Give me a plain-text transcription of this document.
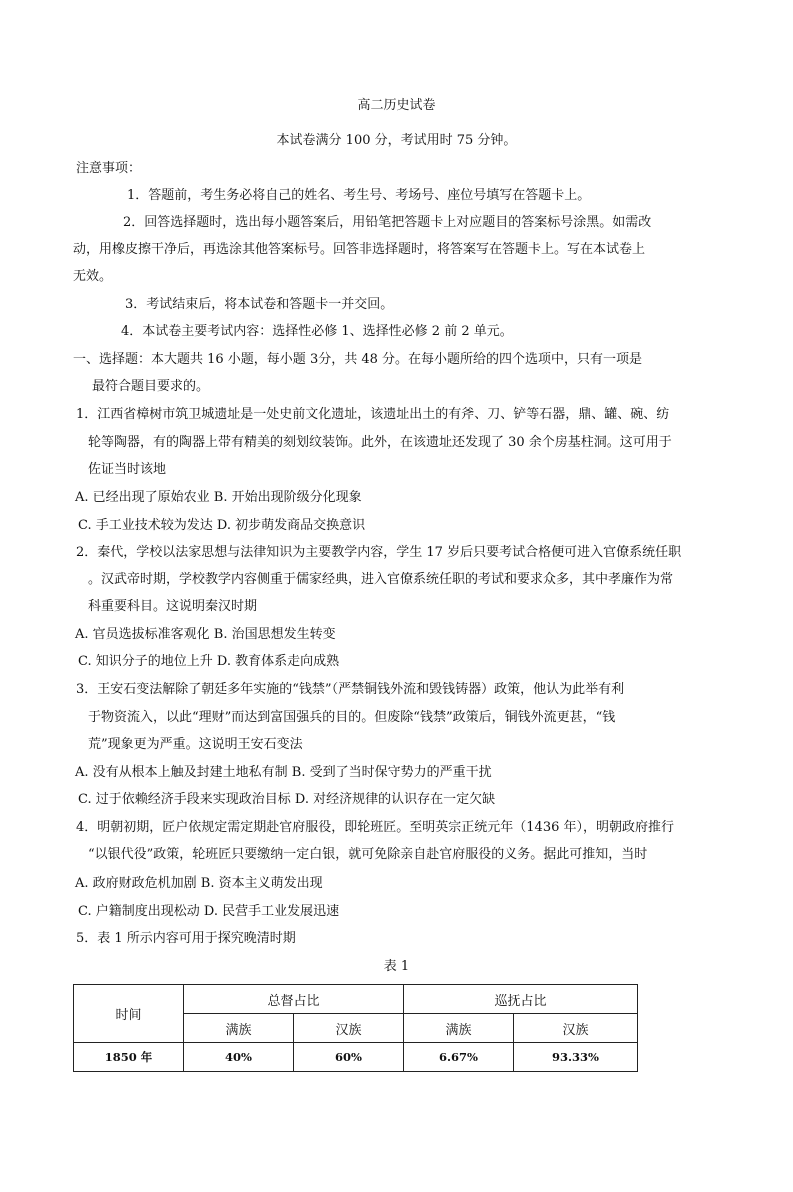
高二历史试卷
本试卷满分 100 分，考试用时 75 分钟。
注意事项：
1．答题前，考生务必将自己的姓名、考生号、考场号、座位号填写在答题卡上。
2．回答选择题时，选出每小题答案后，用铅笔把答题卡上对应题目的答案标号涂黑。如需改
动，用橡皮擦干净后，再选涂其他答案标号。回答非选择题时，将答案写在答题卡上。写在本试卷上
无效。
3．考试结束后，将本试卷和答题卡一并交回。
4．本试卷主要考试内容：选择性必修 1、选择性必修 2 前 2 单元。
一、选择题：本大题共 16 小题，每小题 3分，共 48 分。在每小题所给的四个选项中，只有一项是
最符合题目要求的。
1．江西省樟树市筑卫城遗址是一处史前文化遗址，该遗址出土的有斧、刀、铲等石器，鼎、罐、碗、纺
轮等陶器，有的陶器上带有精美的刻划纹装饰。此外，在该遗址还发现了 30 余个房基柱洞。这可用于
佐证当时该地
A. 已经出现了原始农业 B. 开始出现阶级分化现象
C. 手工业技术较为发达 D. 初步萌发商品交换意识
2．秦代，学校以法家思想与法律知识为主要教学内容，学生 17 岁后只要考试合格便可进入官僚系统任职
。汉武帝时期，学校教学内容侧重于儒家经典，进入官僚系统任职的考试和要求众多，其中孝廉作为常
科重要科目。这说明秦汉时期
A. 官员选拔标准客观化 B. 治国思想发生转变
C. 知识分子的地位上升 D. 教育体系走向成熟
3．王安石变法解除了朝廷多年实施的“钱禁”（严禁铜钱外流和毁钱铸器）政策，他认为此举有利
于物资流入，以此“理财”而达到富国强兵的目的。但废除“钱禁”政策后，铜钱外流更甚，“钱
荒”现象更为严重。这说明王安石变法
A. 没有从根本上触及封建土地私有制 B. 受到了当时保守势力的严重干扰
C. 过于依赖经济手段来实现政治目标 D. 对经济规律的认识存在一定欠缺
4．明朝初期，匠户依规定需定期赴官府服役，即轮班匠。至明英宗正统元年（1436 年），明朝政府推行
“以银代役”政策，轮班匠只要缴纳一定白银，就可免除亲自赴官府服役的义务。据此可推知，当时
A. 政府财政危机加剧 B. 资本主义萌发出现
C. 户籍制度出现松动 D. 民营手工业发展迅速
5．表 1 所示内容可用于探究晚清时期
表 1
时间	总督占比		巡抚占比	
	满族	汉族	满族	汉族
1850 年	40%	60%	6.67%	93.33%
